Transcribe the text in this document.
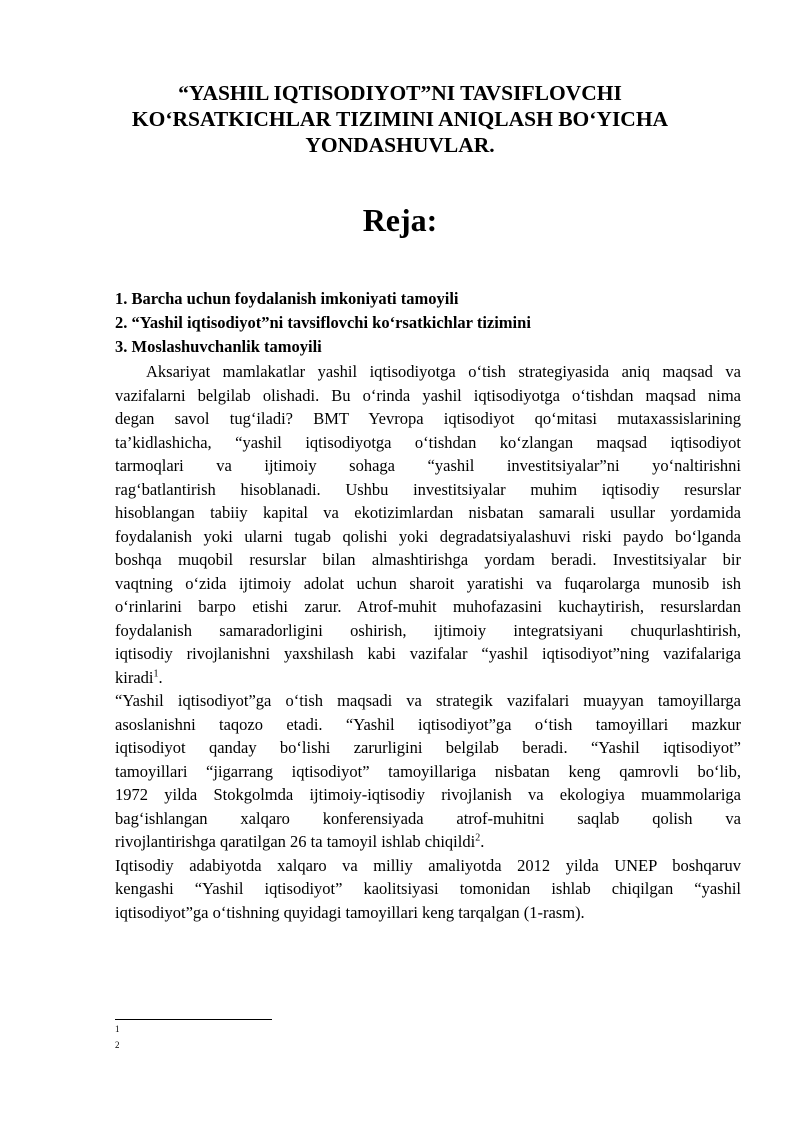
“YASHIL IQTISODIYOT”NI TAVSIFLOVCHI
KO‘RSATKICHLAR TIZIMINI ANIQLASH BO‘YICHA
YONDASHUVLAR.
Reja:
1. Barcha uchun foydalanish imkoniyati tamoyili
2. “Yashil iqtisodiyot”ni tavsiflovchi ko‘rsatkichlar tizimini
3. Moslashuvchanlik tamoyili
Aksariyat mamlakatlar yashil iqtisodiyotga o‘tish strategiyasida aniq maqsad va
vazifalarni belgilab olishadi. Bu o‘rinda yashil iqtisodiyotga o‘tishdan maqsad nima
degan savol tug‘iladi? BMT Yevropa iqtisodiyot qo‘mitasi mutaxassislarining
ta’kidlashicha, “yashil iqtisodiyotga o‘tishdan ko‘zlangan maqsad iqtisodiyot
tarmoqlari va ijtimoiy sohaga “yashil investitsiyalar”ni yo‘naltirishni
rag‘batlantirish hisoblanadi. Ushbu investitsiyalar muhim iqtisodiy resurslar
hisoblangan tabiiy kapital va ekotizimlardan nisbatan samarali usullar yordamida
foydalanish yoki ularni tugab qolishi yoki degradatsiyalashuvi riski paydo bo‘lganda
boshqa muqobil resurslar bilan almashtirishga yordam beradi. Investitsiyalar bir
vaqtning o‘zida ijtimoiy adolat uchun sharoit yaratishi va fuqarolarga munosib ish
o‘rinlarini barpo etishi zarur. Atrof-muhit muhofazasini kuchaytirish, resurslardan
foydalanish samaradorligini oshirish, ijtimoiy integratsiyani chuqurlashtirish,
iqtisodiy rivojlanishni yaxshilash kabi vazifalar “yashil iqtisodiyot”ning vazifalariga
kiradi$^1$.
“Yashil iqtisodiyot”ga o‘tish maqsadi va strategik vazifalari muayyan tamoyillarga
asoslanishni taqozo etadi. “Yashil iqtisodiyot”ga o‘tish tamoyillari mazkur
iqtisodiyot qanday bo‘lishi zarurligini belgilab beradi. “Yashil iqtisodiyot”
tamoyillari “jigarrang iqtisodiyot” tamoyillariga nisbatan keng qamrovli bo‘lib,
1972 yilda Stokgolmda ijtimoiy-iqtisodiy rivojlanish va ekologiya muammolariga
bag‘ishlangan xalqaro konferensiyada atrof-muhitni saqlab qolish va
rivojlantirishga qaratilgan 26 ta tamoyil ishlab chiqildi$^2$.
Iqtisodiy adabiyotda xalqaro va milliy amaliyotda 2012 yilda UNEP boshqaruv
kengashi “Yashil iqtisodiyot” kaolitsiyasi tomonidan ishlab chiqilgan “yashil
iqtisodiyot”ga o‘tishning quyidagi tamoyillari keng tarqalgan (1-rasm).
1
2
